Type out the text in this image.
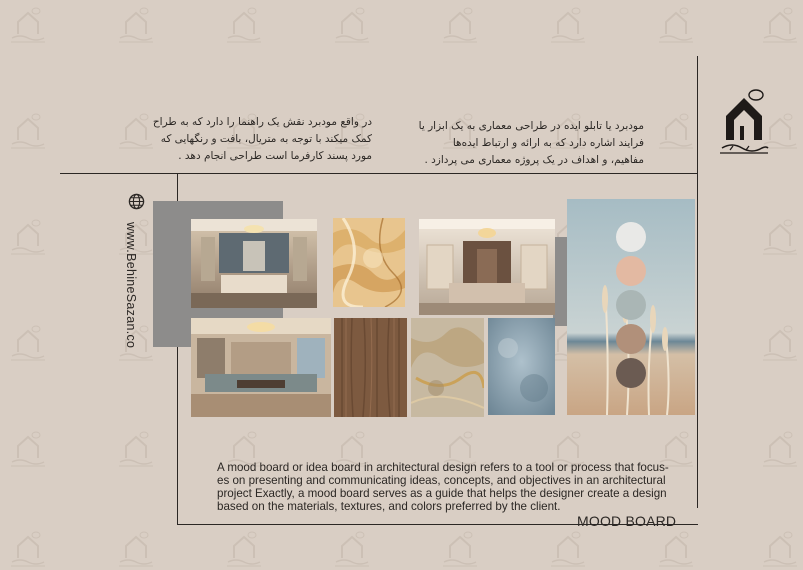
مودبرد یا تابلو ایده در طراحی معماری به یک ابزار یا
فرایند اشاره دارد که به ارائه و ارتباط ایده‌ها
مفاهیم، و اهداف در یک پروژه معماری می پردازد .
در واقع مودبرد نقش یک راهنما را دارد که به طراح
کمک میکند با توجه به متریال، بافت و رنگهایی که
مورد پسند کارفرما است طراحی انجام دهد .
www.BehineSazan.co
A mood board or idea board in architectural design refers to a tool or process that focus-
es on presenting and communicating ideas, concepts, and objectives in an architectural
project Exactly, a mood board serves as a guide that helps the designer create a design
based on the materials, textures, and colors preferred by the client.
MOOD BOARD
